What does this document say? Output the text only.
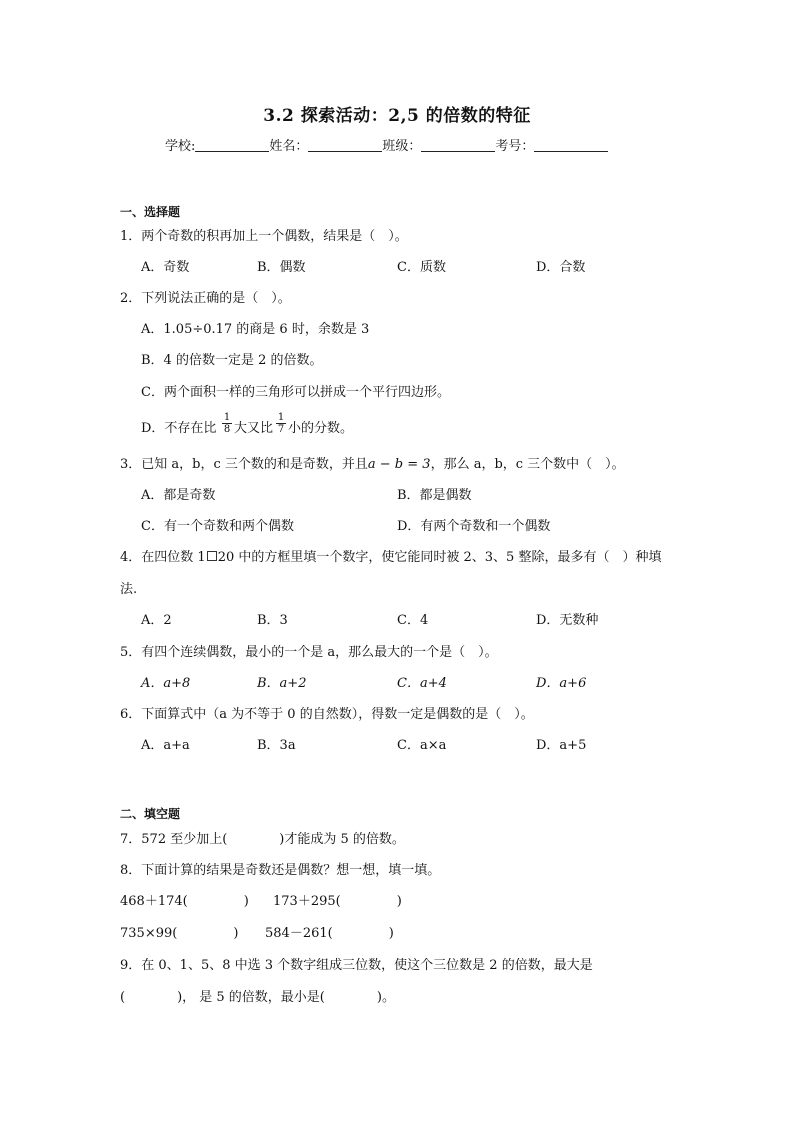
3.2 探索活动：2,5 的倍数的特征
学校:	姓名：	班级：	考号：
一、选择题
1．两个奇数的积再加上一个偶数，结果是（　）。
A．奇数	B．偶数	C．质数	D．合数
2．下列说法正确的是（　）。
A．1.05÷0.17 的商是 6 时，余数是 3
B．4 的倍数一定是 2 的倍数。
C．两个面积一样的三角形可以拼成一个平行四边形。
D．不存在比 $\frac{1}{8}$ 大又比 $\frac{1}{7}$ 小的分数。
3．已知 a，b，c 三个数的和是奇数，并且a − b = 3，那么 a，b，c 三个数中（　）。
A．都是奇数	B．都是偶数
C．有一个奇数和两个偶数	D．有两个奇数和一个偶数
4．在四位数 1 20 中的方框里填一个数字，使它能同时被 2、3、5 整除，最多有（　）种填
法.
A．2	B．3	C．4	D．无数种
5．有四个连续偶数，最小的一个是 a，那么最大的一个是（　）。
A．a+8	B．a+2	C．a+4	D．a+6
6．下面算式中（a 为不等于 0 的自然数），得数一定是偶数的是（　）。
A．a+a	B．3a	C．a×a	D．a+5
二、填空题
7．572 至少加上(　　　　)才能成为 5 的倍数。
8．下面计算的结果是奇数还是偶数？想一想，填一填。
468＋174(	) 173＋295(	)
735×99(	) 584－261(	)
9．在 0、1、5、8 中选 3 个数字组成三位数，使这个三位数是 2 的倍数，最大是
(　　　　)， 是 5 的倍数，最小是(　　　　)。
